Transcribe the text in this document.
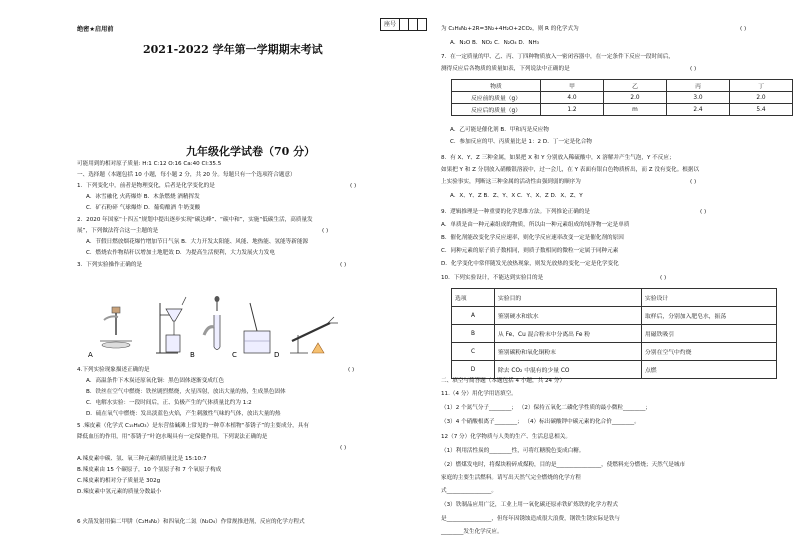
绝密★启用前
座号
2021-2022 学年第一学期期末考试
九年级化学试卷（70 分）
可能用到的相对原子质量: H:1 C:12 O:16 Ca:40 Cl:35.5
一、选择题（本题包括 10 小题，每小题 2 分，共 20 分。每题只有一个选项符合题意）
1．下列变化中，前者是物理变化，后者是化学变化的是	( )
A．冰雪融化 火药爆炸 B．木条燃烧 酒精挥发
C．矿石粉碎 气球爆炸 D．葡萄酿酒 牛奶变酸
2．2020 年国家“十四五”规划中提出逐步实现“碳达峰”、“碳中和”，实施“低碳生活，高质量发
展”，下列做法符合这一主题的是	( )
A．节假日燃放烟花爆竹增加节日气氛 B．大力开发太阳能、风能、地热能、氢能等新能源
C．燃烧农作物秸秆以增加土地肥效 D．为提高生活便利，大力发展火力发电
3．下列实验操作正确的是	( )
A	B	C	D
4.下列实验现象描述正确的是	( )
A．高温条件下木炭还原氧化铜：黑色固体逐渐变成红色
B．铁丝在空气中燃烧：铁丝剧烈燃烧，火星四射，放出大量的热，生成黑色固体
C．电解水实验：一段时间后，正、负极产生的气体质量比约为 1:2
D．硫在氧气中燃烧：发出淡蓝色火焰，产生刺激性气味的气体，放出大量的热
5 .辣皮素（化学式 C₁₅H₈O₃）是东营盐碱滩上常见的一种草本植物“茶锈子”的主要成分，具有
降低血压的作用，用“茶锈子”叶泡水喝具有一定保健作用。下列说法正确的是
( )
A.辣皮素中碳、氢、氧三种元素的质量比是 15:10:7
B.辣皮素由 15 个碳原子，10 个氢原子和 7 个氧原子构成
C.辣皮素的相对分子质量是 302g
D.辣皮素中氢元素的质量分数最小
6 火箭发射用偏二甲肼（C₂H₈N₂）和四氧化二氮（N₂O₄）作常规推进剂，反应的化学方程式
为 C₂H₈N₂+2R=3N₂+4H₂O+2CO₂，则 R 的化学式为	( )
A．N₂O B．NO₂ C．N₂O₄ D．NH₃
7．在一定质量的甲、乙、丙、丁四种物质放入一密闭容器中，在一定条件下反应一段时间后，
测得反应后各物质的质量如表，下列说法中正确的是	( )
物质	甲	乙	丙	丁
反应前的质量（g）	4.0	2.0	3.0	2.0
反应后的质量（g）	1.2	m	2.4	5.4
A．乙可能是催化剂 B．甲和丙是反应物
C．参加反应的甲、丙质量比是 1：2 D．丁一定是化合物
8．有 X、Y、Z 三种金属，如果把 X 和 Y 分别放入稀硫酸中，X 溶解并产生气泡，Y 不反应；
如果把 Y 和 Z 分别放入硝酸银溶液中，过一会儿，在 Y 表面有银白色物质析出，而 Z 没有变化。根据以
上实验事实，判断这三种金属的活动性由强到弱的顺序为	( )
A．X、Y、Z B．Z、Y、X C．Y、X、Z D．X、Z、Y
9．逻辑推理是一种重要的化学思维方法。下列推论正确的是	( )
A．单质是由一种元素组成的物质，所以由一种元素组成的纯净物一定是单质
B．催化剂能改变化学反应速率，则化学反应速率改变一定是催化剂的原因
C．同种元素的原子质子数相同，则质子数相同的微粒一定属于同种元素
D．化学变化中常伴随发光放热现象，则发光放热的变化一定是化学变化
10．下列实验设计，不能达到实验目的是	( )
选项	实验目的	实验设计
A	鉴别硬水和软水	取样后，分别加入肥皂水，振荡
B	从 Fe、Cu 混合粉末中分离出 Fe 粉	用磁铁吸引
C	鉴别碳粉和氧化铜粉末	分别在空气中灼烧
D	除去 CO₂ 中混有的少量 CO	点燃
二、填空与简答题（本题包括 4 小题，共 24 分）
11.（4 分）用化学用语填空。
（1）2 个氮气分子________； （2）保持五氧化二磷化学性质的最小微粒________；
（3）4 个硝酸根离子________； （4）标出碳酸钾中碳元素的化合价________。
12（7 分）化学物质与人类的生产、生活息息相关。
（1）利用活性炭的________性，可将红糖脱色变成白糖。
（2）燃煤发电时，将煤块粉碎成煤粉，目的是________________，使燃料充分燃烧；天然气是城市
家庭的主要生活燃料。请写出天然气完全燃烧的化学方程
式________________。
（3）铁制品应用广泛，工业上用一氧化碳还原赤铁矿炼铁的化学方程式
是________________，但每年因锈蚀造成很大浪费，钢铁生锈实际是铁与
________发生化学反应。
